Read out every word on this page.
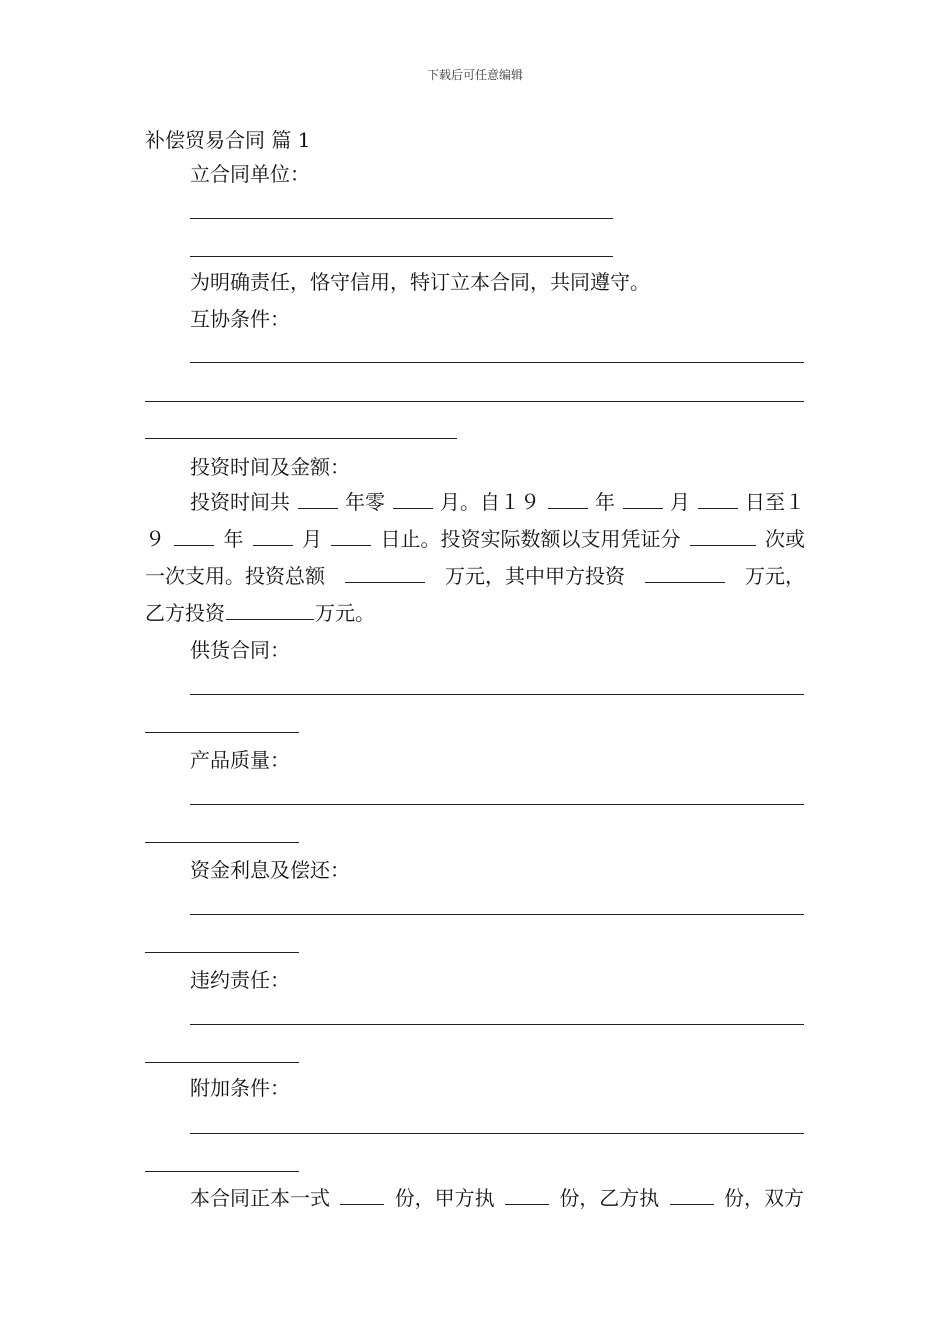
下载后可任意编辑
补偿贸易合同 篇 1
立合同单位：
为明确责任，恪守信用，特订立本合同，共同遵守。
互协条件：
投资时间及金额：
投资时间共	年零	月。自１９	年	月	日至１
９	年	月	日止。投资实际数额以支用凭证分	次或
一次支用。投资总额	万元，其中甲方投资	万元，
乙方投资	万元。
供货合同：
产品质量：
资金利息及偿还：
违约责任：
附加条件：
本合同正本一式	份，甲方执	份，乙方执	份，双方
